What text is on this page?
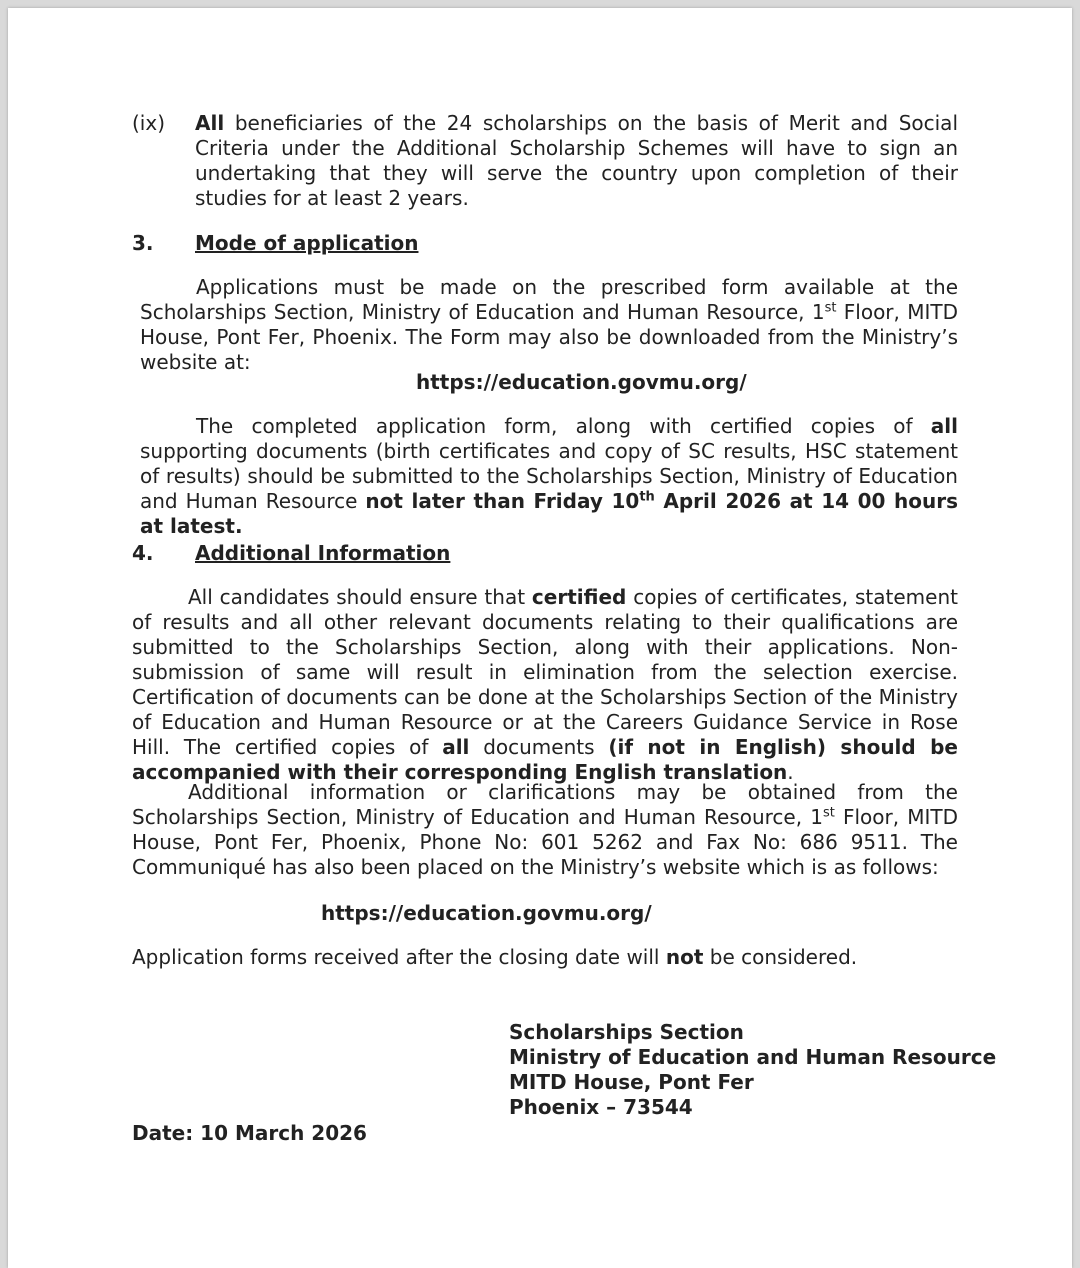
(ix) All beneficiaries of the 24 scholarships on the basis of Merit and Social Criteria under the Additional Scholarship Schemes will have to sign an undertaking that they will serve the country upon completion of their studies for at least 2 years.

3. Mode of application

Applications must be made on the prescribed form available at the Scholarships Section, Ministry of Education and Human Resource, 1st Floor, MITD House, Pont Fer, Phoenix. The Form may also be downloaded from the Ministry’s website at:

https://education.govmu.org/

The completed application form, along with certified copies of all supporting documents (birth certificates and copy of SC results, HSC statement of results) should be submitted to the Scholarships Section, Ministry of Education and Human Resource not later than Friday 10th April 2026 at 14 00 hours at latest.

4. Additional Information

All candidates should ensure that certified copies of certificates, statement of results and all other relevant documents relating to their qualifications are submitted to the Scholarships Section, along with their applications. Non-submission of same will result in elimination from the selection exercise. Certification of documents can be done at the Scholarships Section of the Ministry of Education and Human Resource or at the Careers Guidance Service in Rose Hill. The certified copies of all documents (if not in English) should be accompanied with their corresponding English translation.

Additional information or clarifications may be obtained from the Scholarships Section, Ministry of Education and Human Resource, 1st Floor, MITD House, Pont Fer, Phoenix, Phone No: 601 5262 and Fax No: 686 9511. The Communiqué has also been placed on the Ministry’s website which is as follows:

https://education.govmu.org/

Application forms received after the closing date will not be considered.

Scholarships Section
Ministry of Education and Human Resource
MITD House, Pont Fer
Phoenix – 73544
Date: 10 March 2026
